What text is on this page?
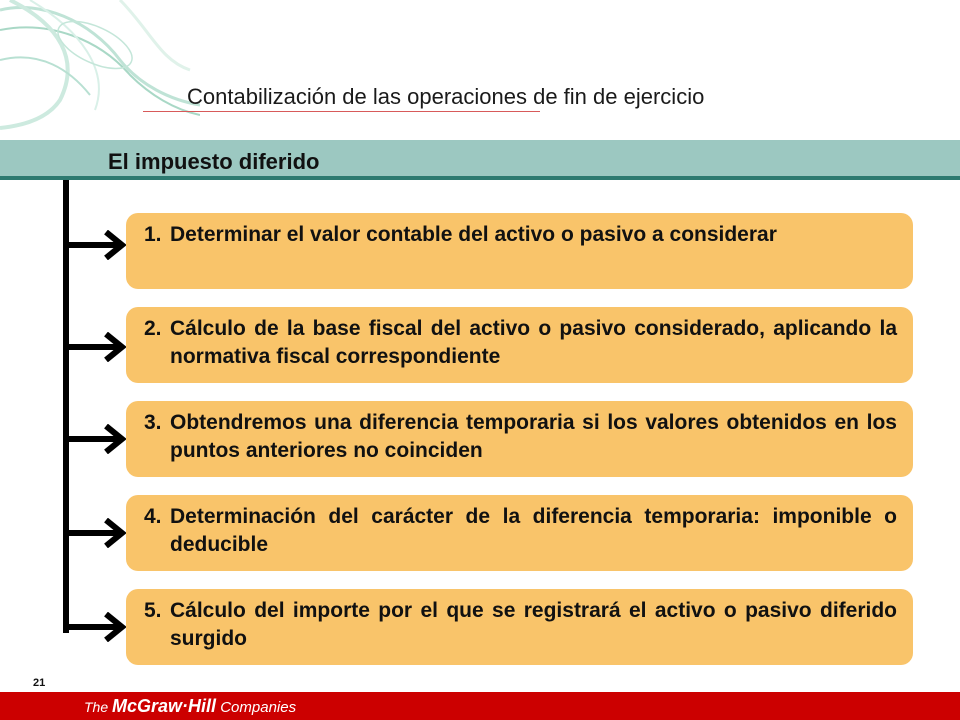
Contabilización de las operaciones de fin de ejercicio
El impuesto diferido
1. Determinar el valor contable del activo o pasivo a considerar
2. Cálculo de la base fiscal del activo o pasivo considerado, aplicando la normativa fiscal correspondiente
3. Obtendremos una diferencia temporaria si los valores obtenidos en los puntos anteriores no coinciden
4. Determinación del carácter de la diferencia temporaria: imponible o deducible
5. Cálculo del importe por el que se registrará el activo o pasivo diferido surgido
21
The McGraw·Hill Companies
